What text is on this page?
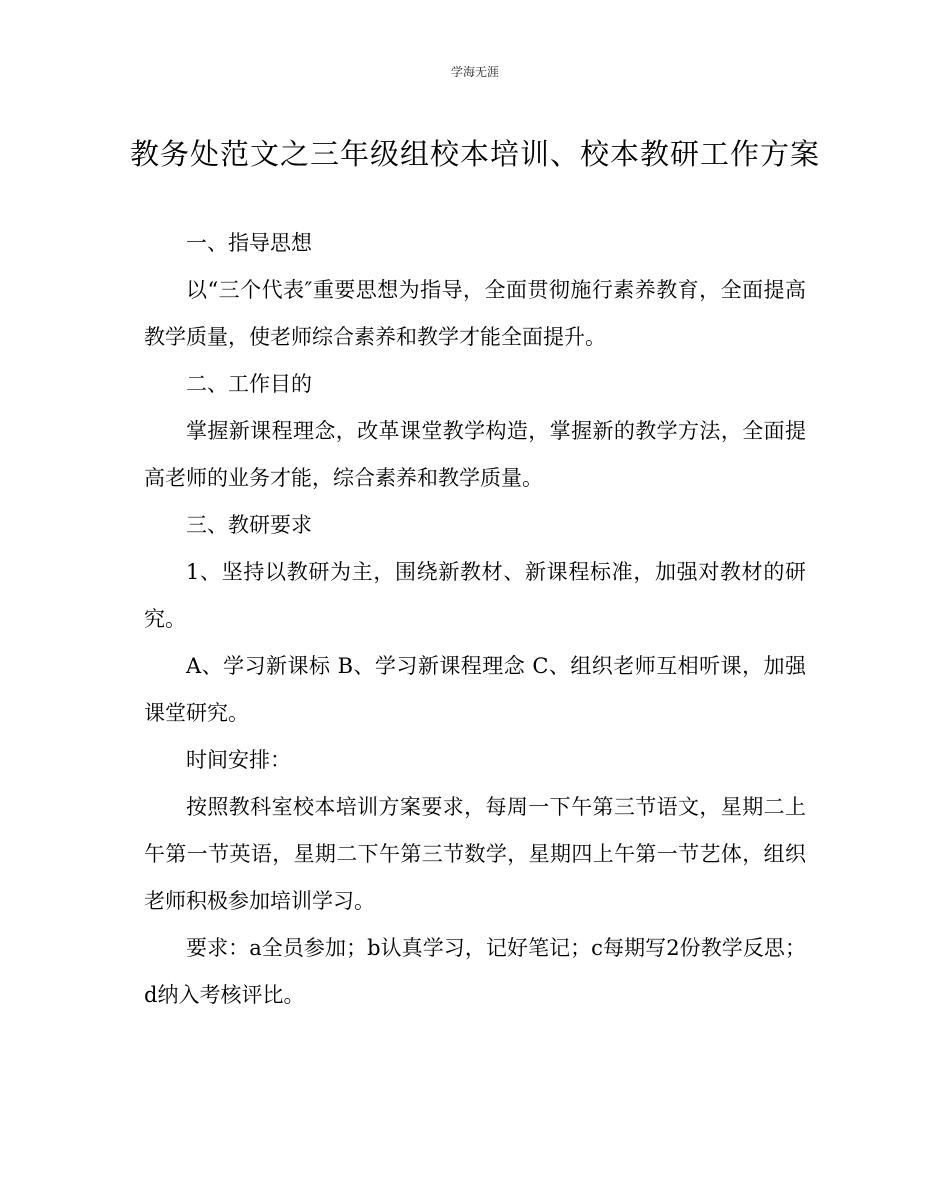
学海无涯
教务处范文之三年级组校本培训、校本教研工作方案

一、指导思想

以“三个代表″重要思想为指导，全面贯彻施行素养教育，全面提高教学质量，使老师综合素养和教学才能全面提升。

二、工作目的

掌握新课程理念，改革课堂教学构造，掌握新的教学方法，全面提高老师的业务才能，综合素养和教学质量。

三、教研要求

1、坚持以教研为主，围绕新教材、新课程标准，加强对教材的研究。

A、学习新课标 B、学习新课程理念 C、组织老师互相听课，加强课堂研究。

时间安排：

按照教科室校本培训方案要求，每周一下午第三节语文，星期二上午第一节英语，星期二下午第三节数学，星期四上午第一节艺体，组织老师积极参加培训学习。

要求：a全员参加；b认真学习，记好笔记；c每期写2份教学反思；d纳入考核评比。
